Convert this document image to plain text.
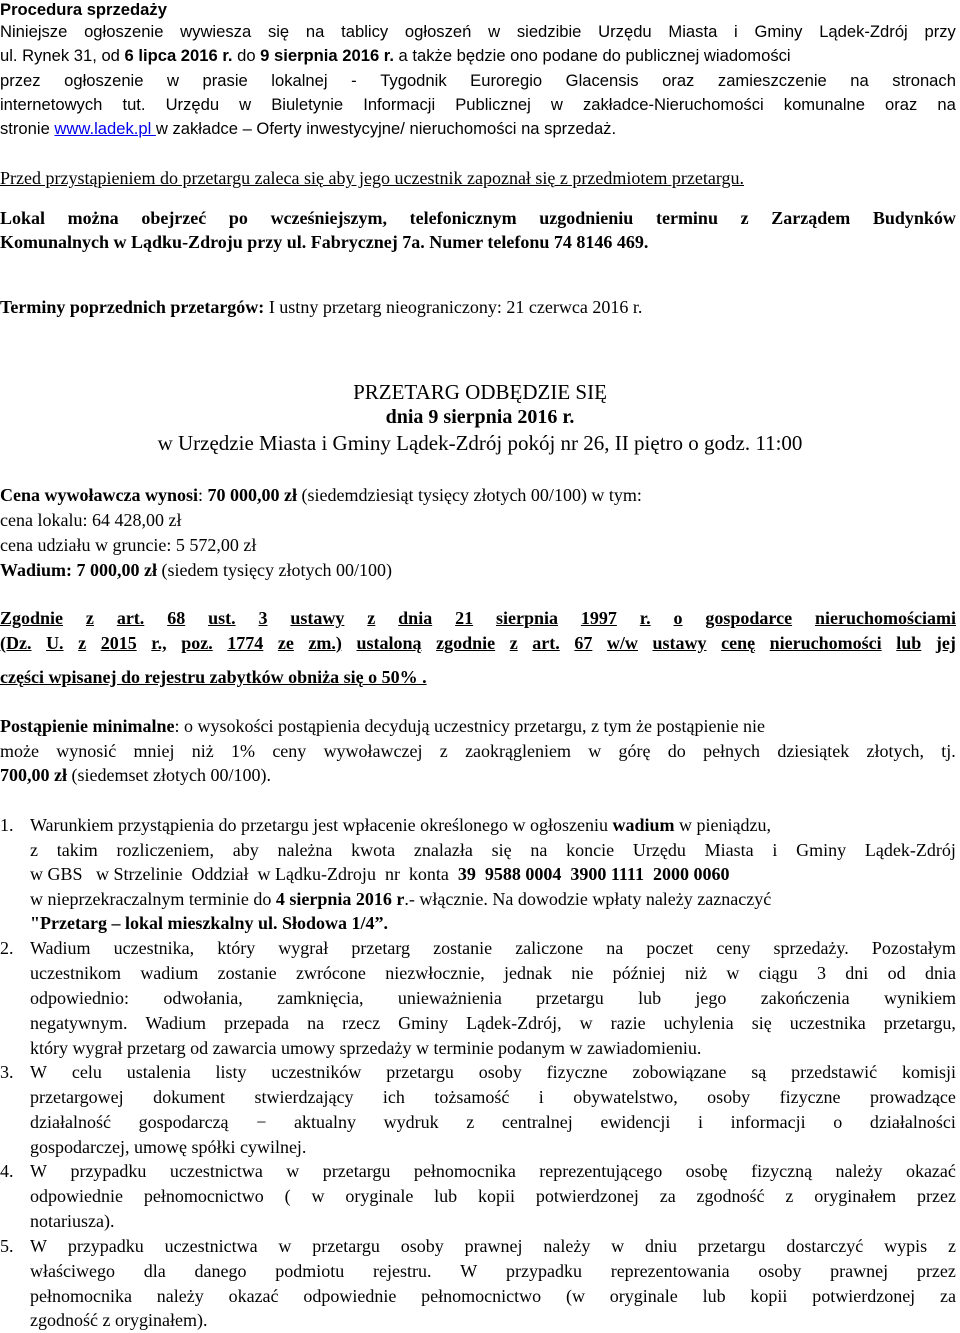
Procedura sprzedaży
Niniejsze ogłoszenie wywiesza się na tablicy ogłoszeń w siedzibie Urzędu Miasta i Gminy Lądek-Zdrój przy
ul. Rynek 31, od 6 lipca 2016 r. do 9 sierpnia 2016 r. a także będzie ono podane do publicznej wiadomości
przez ogłoszenie w prasie lokalnej - Tygodnik Euroregio Glacensis oraz zamieszczenie na stronach
internetowych tut. Urzędu w Biuletynie Informacji Publicznej w zakładce-Nieruchomości komunalne oraz na
stronie www.ladek.pl w zakładce – Oferty inwestycyjne/ nieruchomości na sprzedaż.
Przed przystąpieniem do przetargu zaleca się aby jego uczestnik zapoznał się z przedmiotem przetargu.
Lokal można obejrzeć po wcześniejszym, telefonicznym uzgodnieniu terminu z Zarządem Budynków
Komunalnych w Lądku-Zdroju przy ul. Fabrycznej 7a. Numer telefonu 74 8146 469.
Terminy poprzednich przetargów: I ustny przetarg nieograniczony: 21 czerwca 2016 r.
PRZETARG ODBĘDZIE SIĘ
dnia 9 sierpnia 2016 r.
w Urzędzie Miasta i Gminy Lądek-Zdrój pokój nr 26, II piętro o godz. 11:00
Cena wywoławcza wynosi: 70 000,00 zł (siedemdziesiąt tysięcy złotych 00/100) w tym:
cena lokalu: 64 428,00 zł
cena udziału w gruncie: 5 572,00 zł
Wadium: 7 000,00 zł (siedem tysięcy złotych 00/100)
Zgodnie z art. 68 ust. 3 ustawy z dnia 21 sierpnia 1997 r. o gospodarce nieruchomościami
(Dz. U. z 2015 r., poz. 1774 ze zm.) ustaloną zgodnie z art. 67 w/w ustawy cenę nieruchomości lub jej
części wpisanej do rejestru zabytków obniża się o 50% .
Postąpienie minimalne: o wysokości postąpienia decydują uczestnicy przetargu, z tym że postąpienie nie
może wynosić mniej niż 1% ceny wywoławczej z zaokrągleniem w górę do pełnych dziesiątek złotych, tj.
700,00 zł (siedemset złotych 00/100).
1. Warunkiem przystąpienia do przetargu jest wpłacenie określonego w ogłoszeniu wadium w pieniądzu,
z takim rozliczeniem, aby należna kwota znalazła się na koncie Urzędu Miasta i Gminy Lądek-Zdrój
w GBS   w Strzelinie  Oddział  w Lądku-Zdroju  nr  konta  39  9588 0004  3900 1111  2000 0060
w nieprzekraczalnym terminie do 4 sierpnia 2016 r.- włącznie. Na dowodzie wpłaty należy zaznaczyć
"Przetarg – lokal mieszkalny ul. Słodowa 1/4”.
2. Wadium uczestnika, który wygrał przetarg zostanie zaliczone na poczet ceny sprzedaży. Pozostałym
uczestnikom wadium zostanie zwrócone niezwłocznie, jednak nie później niż w ciągu 3 dni od dnia
odpowiednio: odwołania, zamknięcia, unieważnienia przetargu lub jego zakończenia wynikiem
negatywnym. Wadium przepada na rzecz Gminy Lądek-Zdrój, w razie uchylenia się uczestnika przetargu,
który wygrał przetarg od zawarcia umowy sprzedaży w terminie podanym w zawiadomieniu.
3. W celu ustalenia listy uczestników przetargu osoby fizyczne zobowiązane są przedstawić komisji
przetargowej dokument stwierdzający ich tożsamość i obywatelstwo, osoby fizyczne prowadzące
działalność gospodarczą − aktualny wydruk z centralnej ewidencji i informacji o działalności
gospodarczej, umowę spółki cywilnej.
4. W przypadku uczestnictwa w przetargu pełnomocnika reprezentującego osobę fizyczną należy okazać
odpowiednie pełnomocnictwo ( w oryginale lub kopii potwierdzonej za zgodność z oryginałem przez
notariusza).
5. W przypadku uczestnictwa w przetargu osoby prawnej należy w dniu przetargu dostarczyć wypis z
właściwego dla danego podmiotu rejestru. W przypadku reprezentowania osoby prawnej przez
pełnomocnika należy okazać odpowiednie pełnomocnictwo (w oryginale lub kopii potwierdzonej za
zgodność z oryginałem).
